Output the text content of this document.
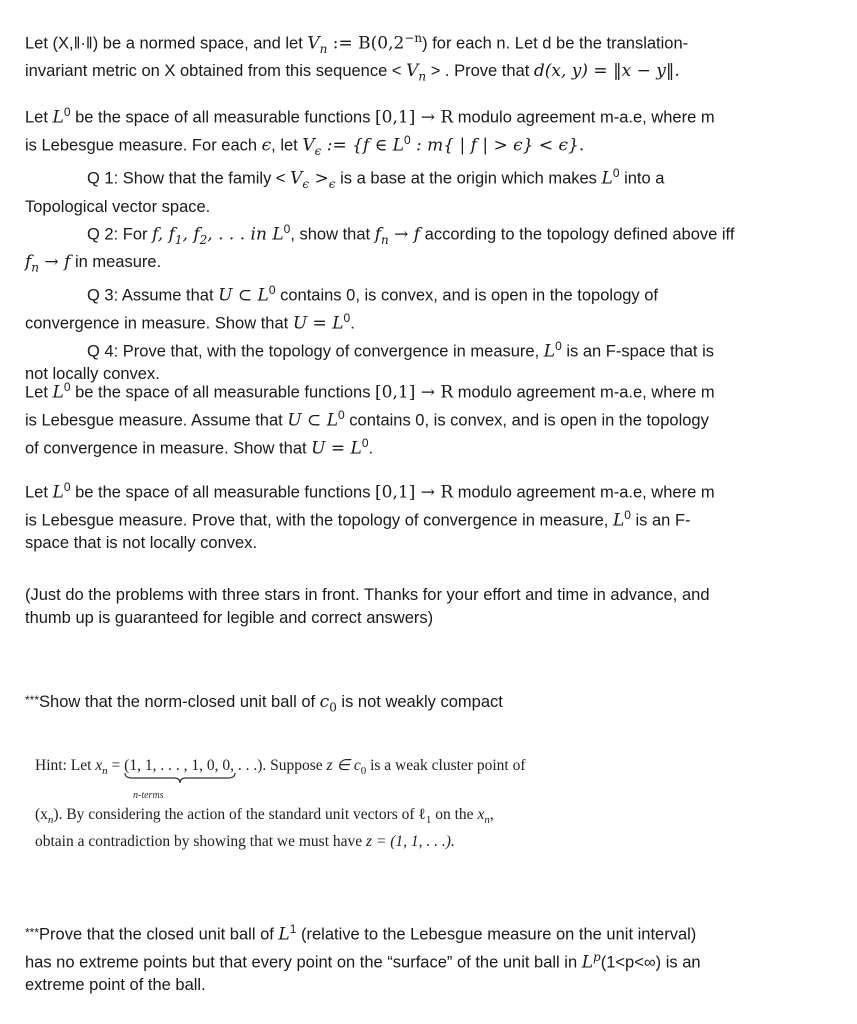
Let (X,‖·‖) be a normed space, and let $V_n$ := $B(0,2^{-n})$ for each n. Let d be the translation-

invariant metric on X obtained from this sequence < $V_n$ > . Prove that d(x, y) = ‖x − y‖.

Let $L^0$ be the space of all measurable functions [0,1] → R modulo agreement m-a.e, where m

is Lebesgue measure. For each ϵ, let $V_\epsilon$ := {f ∈ $L^0$ : m{ | f | > ϵ} < ϵ}.

Q 1: Show that the family < $V_\epsilon >_\epsilon$ is a base at the origin which makes $L^0$ into a

Topological vector space.

Q 2: For f, $f_1$, $f_2$, . . . in $L^0$, show that $f_n \to f$ according to the topology defined above iff

$f_n \to f$ in measure.

Q 3: Assume that U ⊂ $L^0$ contains 0, is convex, and is open in the topology of

convergence in measure. Show that $U = L^0$.

Q 4: Prove that, with the topology of convergence in measure, $L^0$ is an F-space that is

not locally convex.

Let $L^0$ be the space of all measurable functions [0,1] → R modulo agreement m-a.e, where m

is Lebesgue measure. Assume that U ⊂ $L^0$ contains 0, is convex, and is open in the topology

of convergence in measure. Show that $U = L^0$.

Let $L^0$ be the space of all measurable functions [0,1] → R modulo agreement m-a.e, where m

is Lebesgue measure. Prove that, with the topology of convergence in measure, $L^0$ is an F-

space that is not locally convex.

(Just do the problems with three stars in front. Thanks for your effort and time in advance, and

thumb up is guaranteed for legible and correct answers)

***Show that the norm-closed unit ball of $c_0$ is not weakly compact

Hint: Let $x_n = (1$, 1, . . . , 1,
0, 0, . . .). Suppose z ∈ $c_0$ is a weak cluster point of

n-terms

$(x_n)$. By considering the action of the standard unit vectors of ℓ$_1$ on the $x_n$,

obtain a contradiction by showing that we must have z = (1, 1, . . .).

***Prove that the closed unit ball of $L^1$ (relative to the Lebesgue measure on the unit interval)

has no extreme points but that every point on the “surface” of the unit ball in $L^p(1<p<\infty)$ is an

extreme point of the ball.
